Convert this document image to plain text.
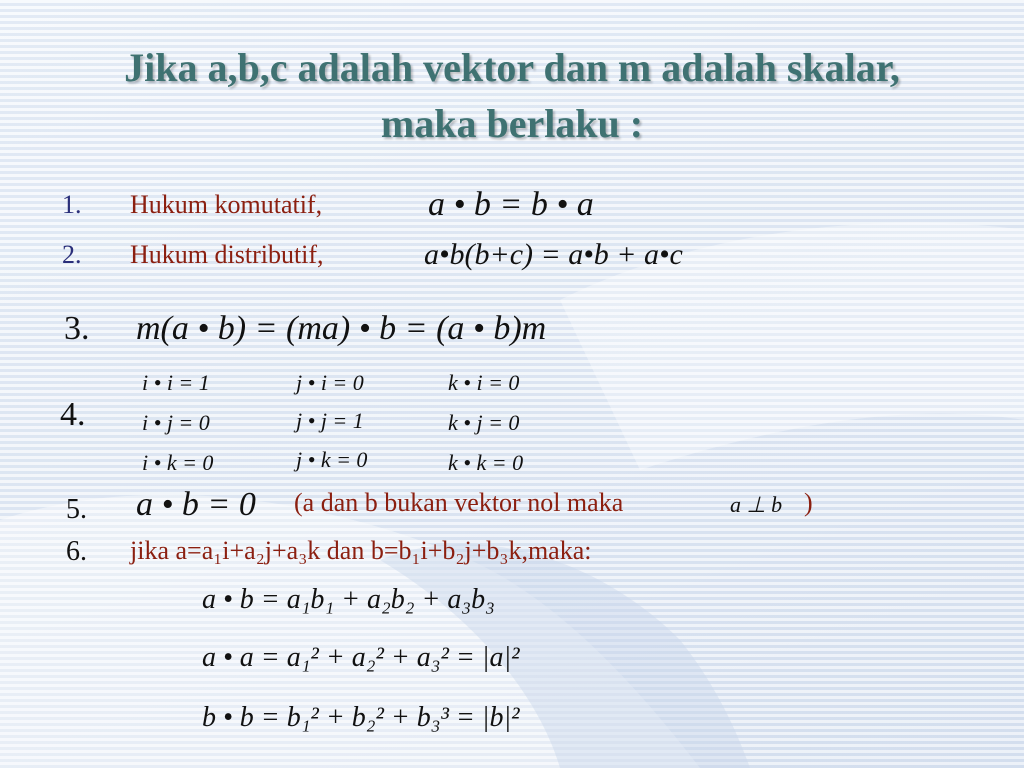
Jika a,b,c adalah vektor dan m adalah skalar,
maka berlaku :
1. Hukum komutatif,	a • b = b • a
2. Hukum distributif,	a•b(b+c) = a•b + a•c
3. m(a • b) = (ma) • b = (a • b)m
4.
i • i = 1	j • i = 0	k • i = 0
i • j = 0	j • j = 1	k • j = 0
i • k = 0	j • k = 0	k • k = 0
5. a • b = 0 (a dan b bukan vektor nol maka	a ⊥ b )
6. jika a=a₁i+a₂j+a₃k dan b=b₁i+b₂j+b₃k,maka:
a • b = a₁b₁ + a₂b₂ + a₃b₃
a • a = a₁² + a₂² + a₃² = |a|²
b • b = b₁² + b₂² + b₃³ = |b|²
